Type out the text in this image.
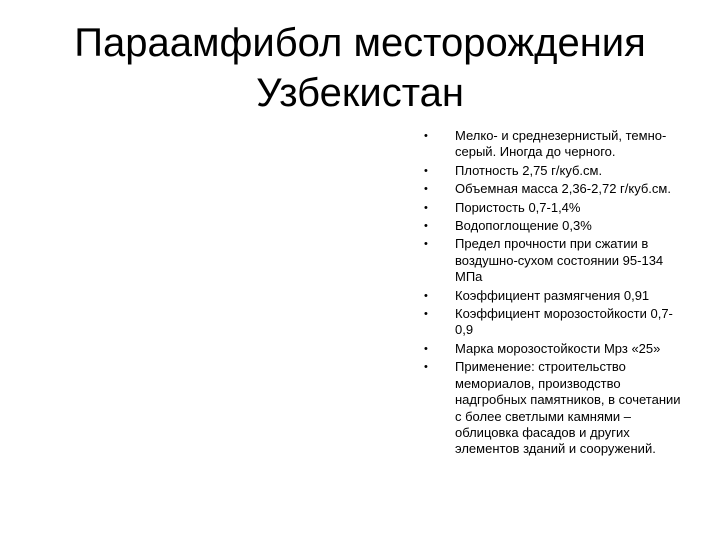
Параамфибол месторождения
Узбекистан
• Мелко- и среднезернистый, темно-серый. Иногда до черного.
• Плотность 2,75 г/куб.см.
• Объемная масса 2,36-2,72 г/куб.см.
• Пористость 0,7-1,4%
• Водопоглощение 0,3%
• Предел прочности при сжатии в воздушно-сухом состоянии 95-134 МПа
• Коэффициент размягчения 0,91
• Коэффициент морозостойкости 0,7-0,9
• Марка морозостойкости Мрз «25»
• Применение: строительство мемориалов, производство надгробных памятников, в сочетании с более светлыми камнями – облицовка фасадов и других элементов зданий и сооружений.
